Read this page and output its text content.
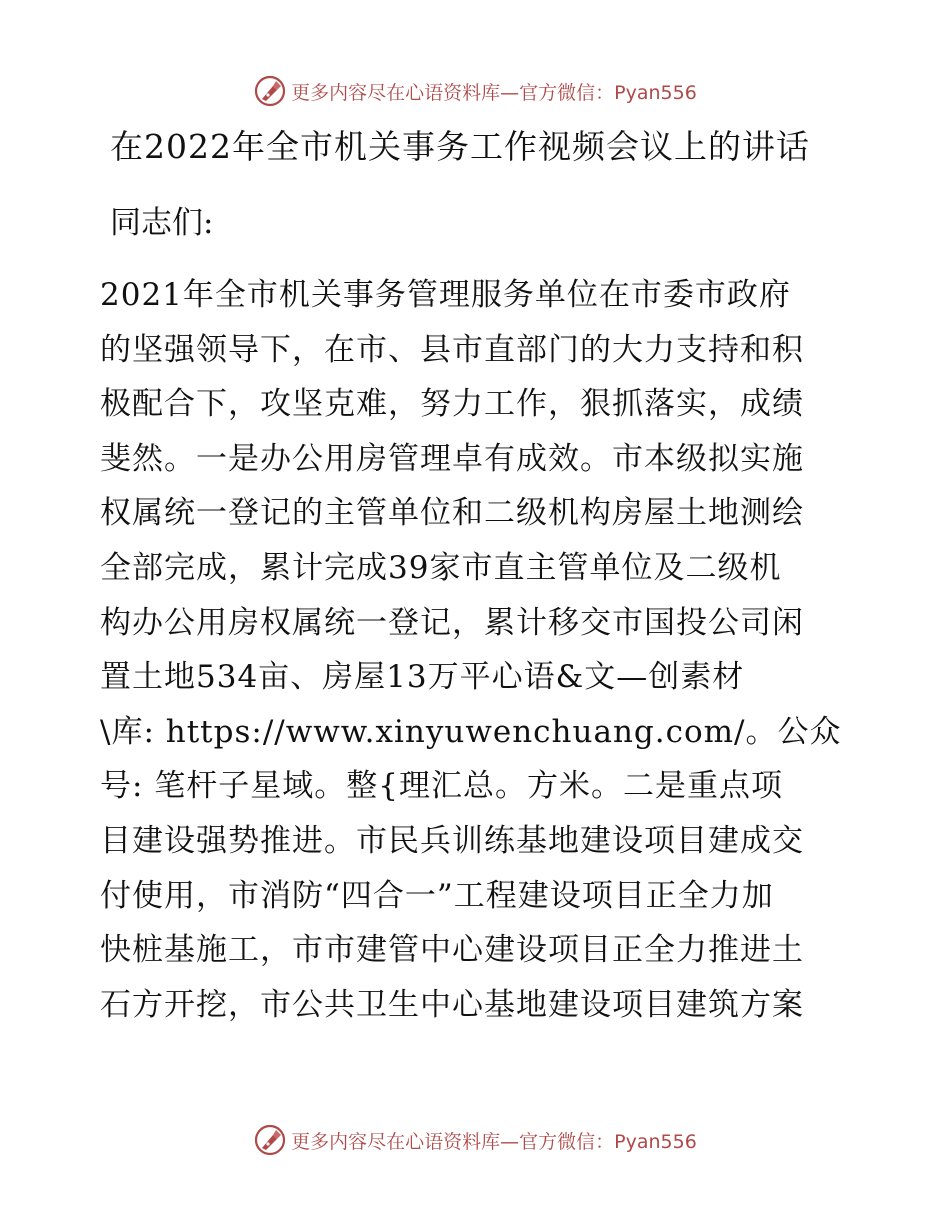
更多内容尽在心语资料库—官方微信：Pyan556
在2022年全市机关事务工作视频会议上的讲话
同志们:
2021年全市机关事务管理服务单位在市委市政府
的坚强领导下，在市、县市直部门的大力支持和积
极配合下，攻坚克难，努力工作，狠抓落实，成绩
斐然。一是办公用房管理卓有成效。市本级拟实施
权属统一登记的主管单位和二级机构房屋土地测绘
全部完成，累计完成39家市直主管单位及二级机
构办公用房权属统一登记，累计移交市国投公司闲
置土地534亩、房屋13万平心语&文—创素材
\库: https://www.xinyuwenchuang.com/。公众
号: 笔杆子星域。整{理汇总。方米。二是重点项
目建设强势推进。市民兵训练基地建设项目建成交
付使用，市消防“四合一”工程建设项目正全力加
快桩基施工，市市建管中心建设项目正全力推进土
石方开挖，市公共卫生中心基地建设项目建筑方案
更多内容尽在心语资料库—官方微信：Pyan556
